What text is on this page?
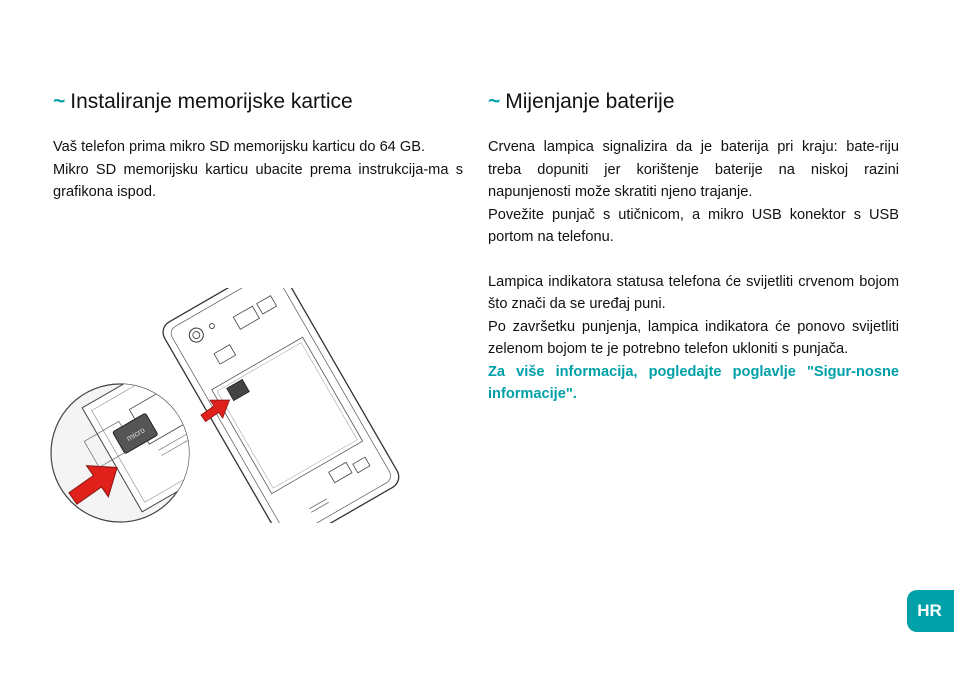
~ Instaliranje memorijske kartice

Vaš telefon prima mikro SD memorijsku karticu do 64 GB.

Mikro SD memorijsku karticu ubacite prema instrukcija-ma s grafikona ispod.

~ Mijenjanje baterije

Crvena lampica signalizira da je baterija pri kraju: bate-riju treba dopuniti jer korištenje baterije na niskoj razini napunjenosti može skratiti njeno trajanje.

Povežite punjač s utičnicom, a mikro USB konektor s USB portom na telefonu.

Lampica indikatora statusa telefona će svijetliti crvenom bojom što znači da se uređaj puni.

Po završetku punjenja, lampica indikatora će ponovo svijetliti zelenom bojom te je potrebno telefon ukloniti s punjača.

Za više informacija, pogledajte poglavlje "Sigur-nosne informacije".

micro
HR
